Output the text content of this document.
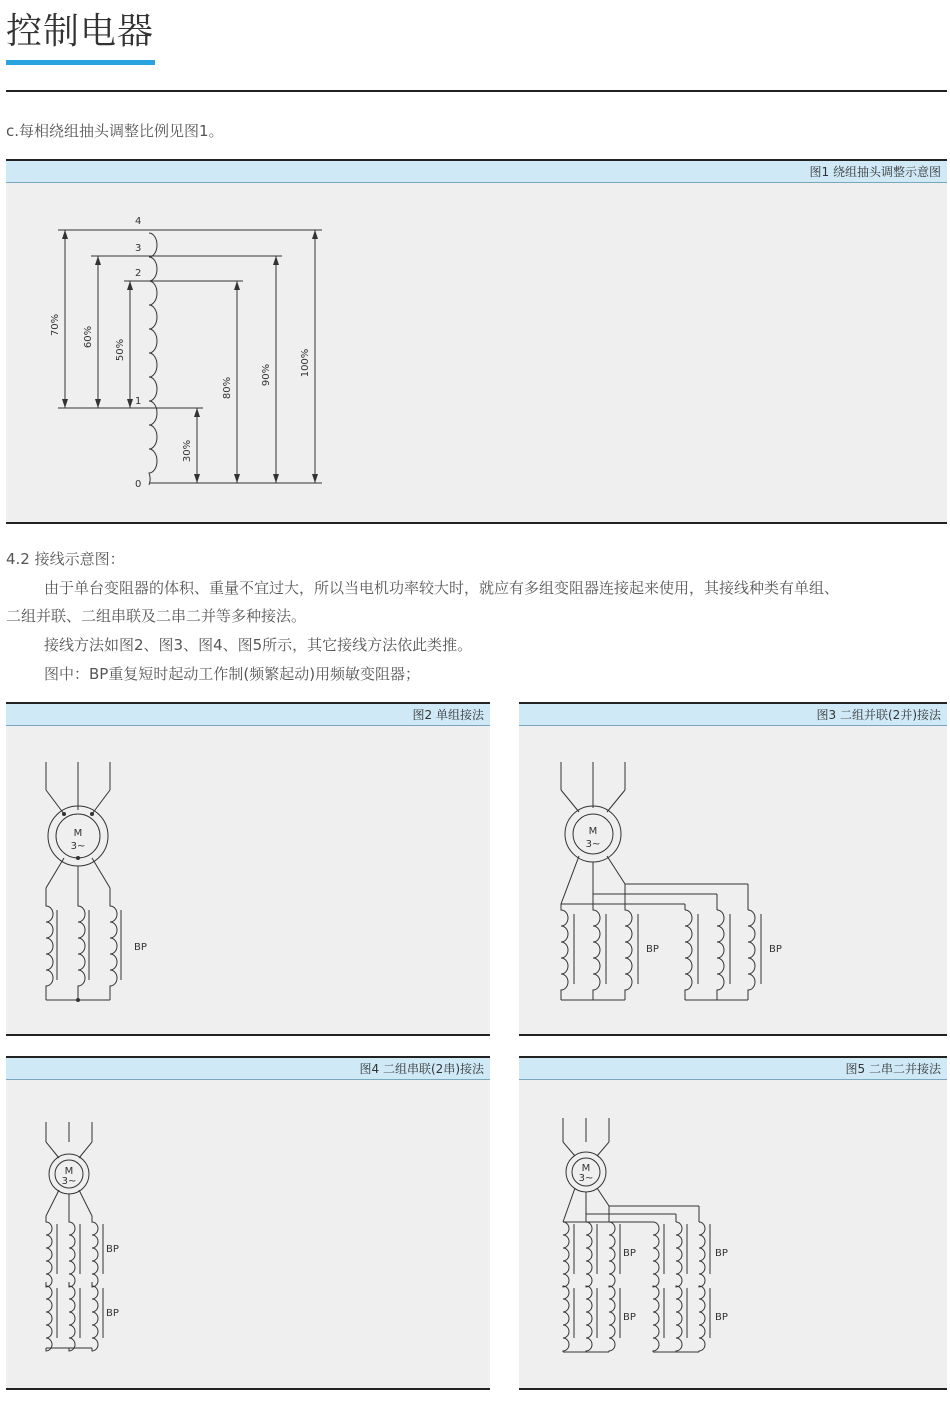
控制电器
c.每相绕组抽头调整比例见图1。
图1 绕组抽头调整示意图
4
3
2
1
0
70%
60%
50%
30%
80%
90%	100%
4.2 接线示意图：
由于单台变阻器的体积、重量不宜过大，所以当电机功率较大时，就应有多组变阻器连接起来使用，其接线种类有单组、
二组并联、二组串联及二串二并等多种接法。
接线方法如图2、图3、图4、图5所示，其它接线方法依此类推。
图中：BP重复短时起动工作制(频繁起动)用频敏变阻器；
图2 单组接法
M
3~
BP
图3 二组并联(2并)接法
M
3~
BP	BP
图4 二组串联(2串)接法
M
3~
BP
BP
图5 二串二并接法
M
3~
BP
BP
BP
BP
